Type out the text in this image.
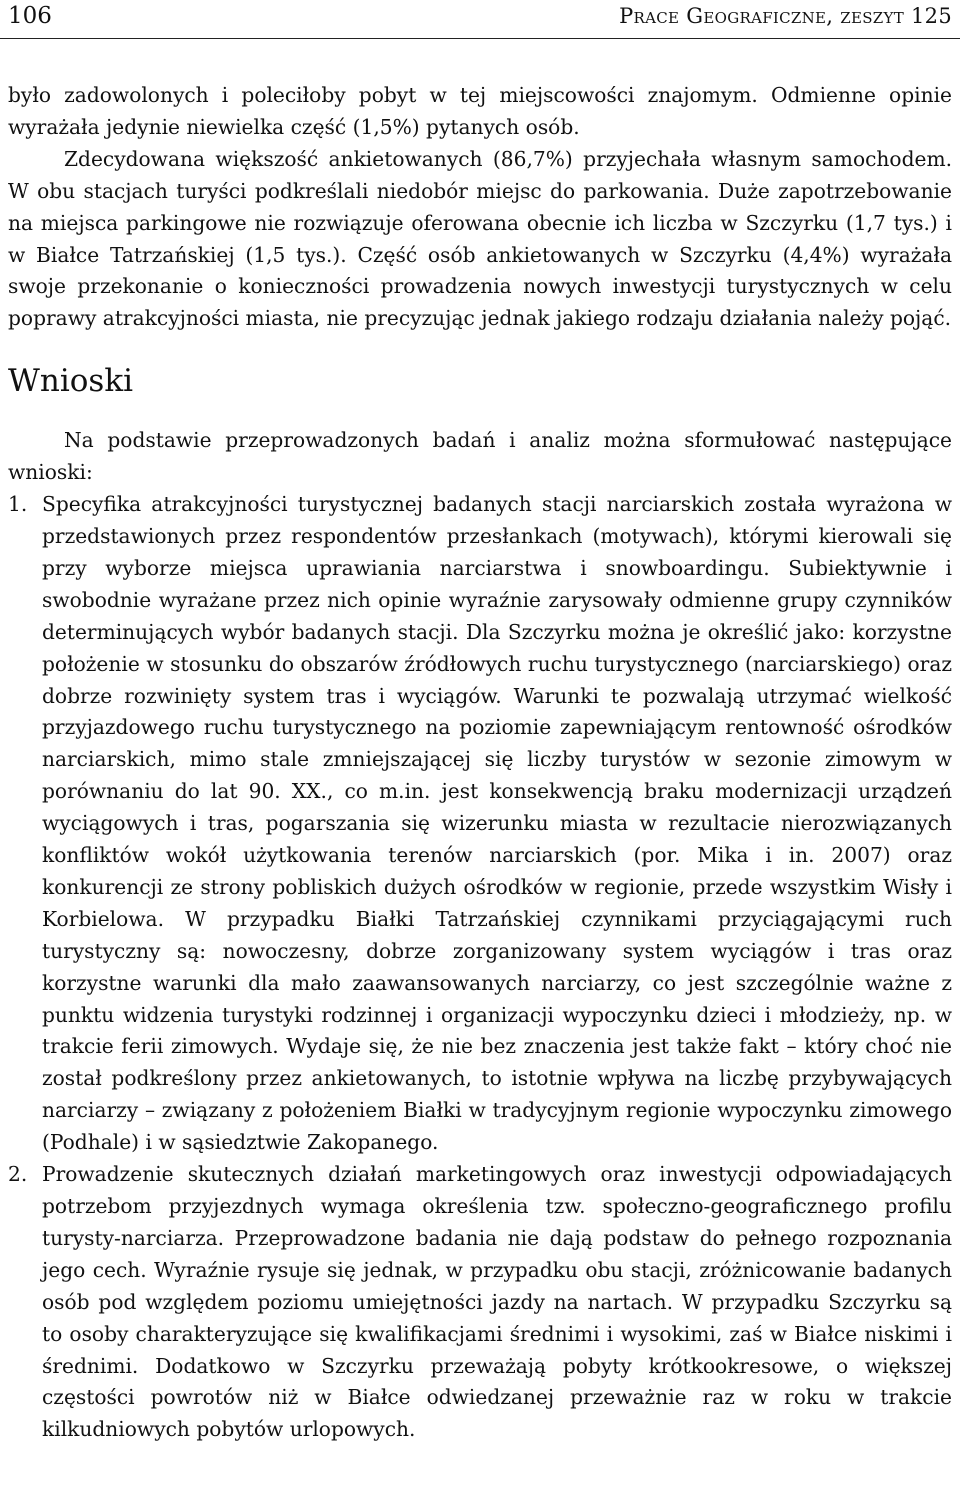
106	Prace Geograficzne, zeszyt 125

było zadowolonych i poleciłoby pobyt w tej miejscowości znajomym. Odmienne opinie wyrażała jedynie niewielka część (1,5%) pytanych osób.

Zdecydowana większość ankietowanych (86,7%) przyjechała własnym samochodem. W obu stacjach turyści podkreślali niedobór miejsc do parkowania. Duże zapotrzebowanie na miejsca parkingowe nie rozwiązuje oferowana obecnie ich liczba w Szczyrku (1,7 tys.) i w Białce Tatrzańskiej (1,5 tys.). Część osób ankietowanych w Szczyrku (4,4%) wyrażała swoje przekonanie o konieczności prowadzenia nowych inwestycji turystycznych w celu poprawy atrakcyjności miasta, nie precyzując jednak jakiego rodzaju działania należy pojąć.

Wnioski

Na podstawie przeprowadzonych badań i analiz można sformułować następujące wnioski:

1. Specyfika atrakcyjności turystycznej badanych stacji narciarskich została wyrażona w przedstawionych przez respondentów przesłankach (motywach), którymi kierowali się przy wyborze miejsca uprawiania narciarstwa i snowboardingu. Subiektywnie i swobodnie wyrażane przez nich opinie wyraźnie zarysowały odmienne grupy czynników determinujących wybór badanych stacji. Dla Szczyrku można je określić jako: korzystne położenie w stosunku do obszarów źródłowych ruchu turystycznego (narciarskiego) oraz dobrze rozwinięty system tras i wyciągów. Warunki te pozwalają utrzymać wielkość przyjazdowego ruchu turystycznego na poziomie zapewniającym rentowność ośrodków narciarskich, mimo stale zmniejszającej się liczby turystów w sezonie zimowym w porównaniu do lat 90. XX., co m.in. jest konsekwencją braku modernizacji urządzeń wyciągowych i tras, pogarszania się wizerunku miasta w rezultacie nierozwiązanych konfliktów wokół użytkowania terenów narciarskich (por. Mika i in. 2007) oraz konkurencji ze strony pobliskich dużych ośrodków w regionie, przede wszystkim Wisły i Korbielowa. W przypadku Białki Tatrzańskiej czynnikami przyciągającymi ruch turystyczny są: nowoczesny, dobrze zorganizowany system wyciągów i tras oraz korzystne warunki dla mało zaawansowanych narciarzy, co jest szczególnie ważne z punktu widzenia turystyki rodzinnej i organizacji wypoczynku dzieci i młodzieży, np. w trakcie ferii zimowych. Wydaje się, że nie bez znaczenia jest także fakt – który choć nie został podkreślony przez ankietowanych, to istotnie wpływa na liczbę przybywających narciarzy – związany z położeniem Białki w tradycyjnym regionie wypoczynku zimowego (Podhale) i w sąsiedztwie Zakopanego.

2. Prowadzenie skutecznych działań marketingowych oraz inwestycji odpowiadających potrzebom przyjezdnych wymaga określenia tzw. społeczno-geograficznego profilu turysty-narciarza. Przeprowadzone badania nie dają podstaw do pełnego rozpoznania jego cech. Wyraźnie rysuje się jednak, w przypadku obu stacji, zróżnicowanie badanych osób pod względem poziomu umiejętności jazdy na nartach. W przypadku Szczyrku są to osoby charakteryzujące się kwalifikacjami średnimi i wysokimi, zaś w Białce niskimi i średnimi. Dodatkowo w Szczyrku przeważają pobyty krótkookresowe, o większej częstości powrotów niż w Białce odwiedzanej przeważnie raz w roku w trakcie kilkudniowych pobytów urlopowych.
